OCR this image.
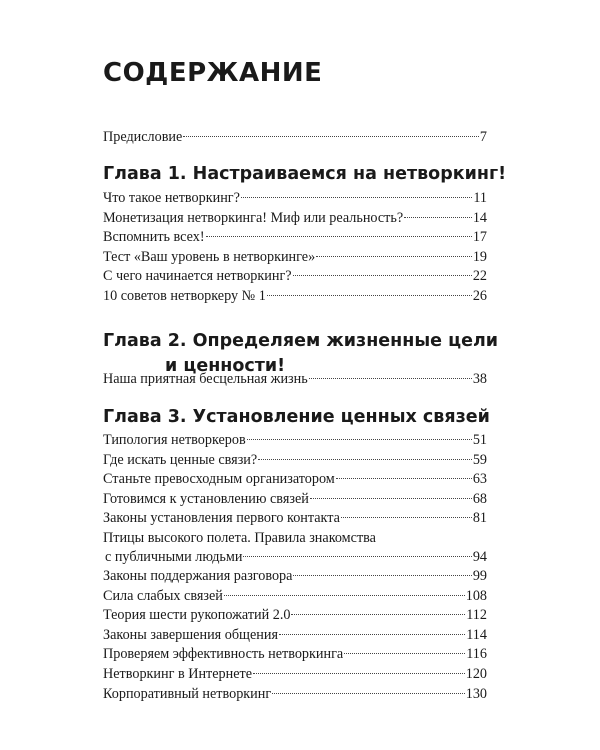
СОДЕРЖАНИЕ
Предисловие	7
Глава 1. Настраиваемся на нетворкинг!
Что такое нетворкинг?	11
Монетизация нетворкинга! Миф или реальность?	14
Вспомнить всех!	17
Тест «Ваш уровень в нетворкинге»	19
С чего начинается нетворкинг?	22
10 советов нетворкеру № 1	26
Глава 2. Определяем жизненные цели
и ценности!
Наша приятная бесцельная жизнь	38
Глава 3. Установление ценных связей
Типология нетворкеров	51
Где искать ценные связи?	59
Станьте превосходным организатором	63
Готовимся к установлению связей	68
Законы установления первого контакта	81
Птицы высокого полета. Правила знакомства
с публичными людьми	94
Законы поддержания разговора	99
Сила слабых связей	108
Теория шести рукопожатий 2.0	112
Законы завершения общения	114
Проверяем эффективность нетворкинга	116
Нетворкинг в Интернете	120
Корпоративный нетворкинг	130
